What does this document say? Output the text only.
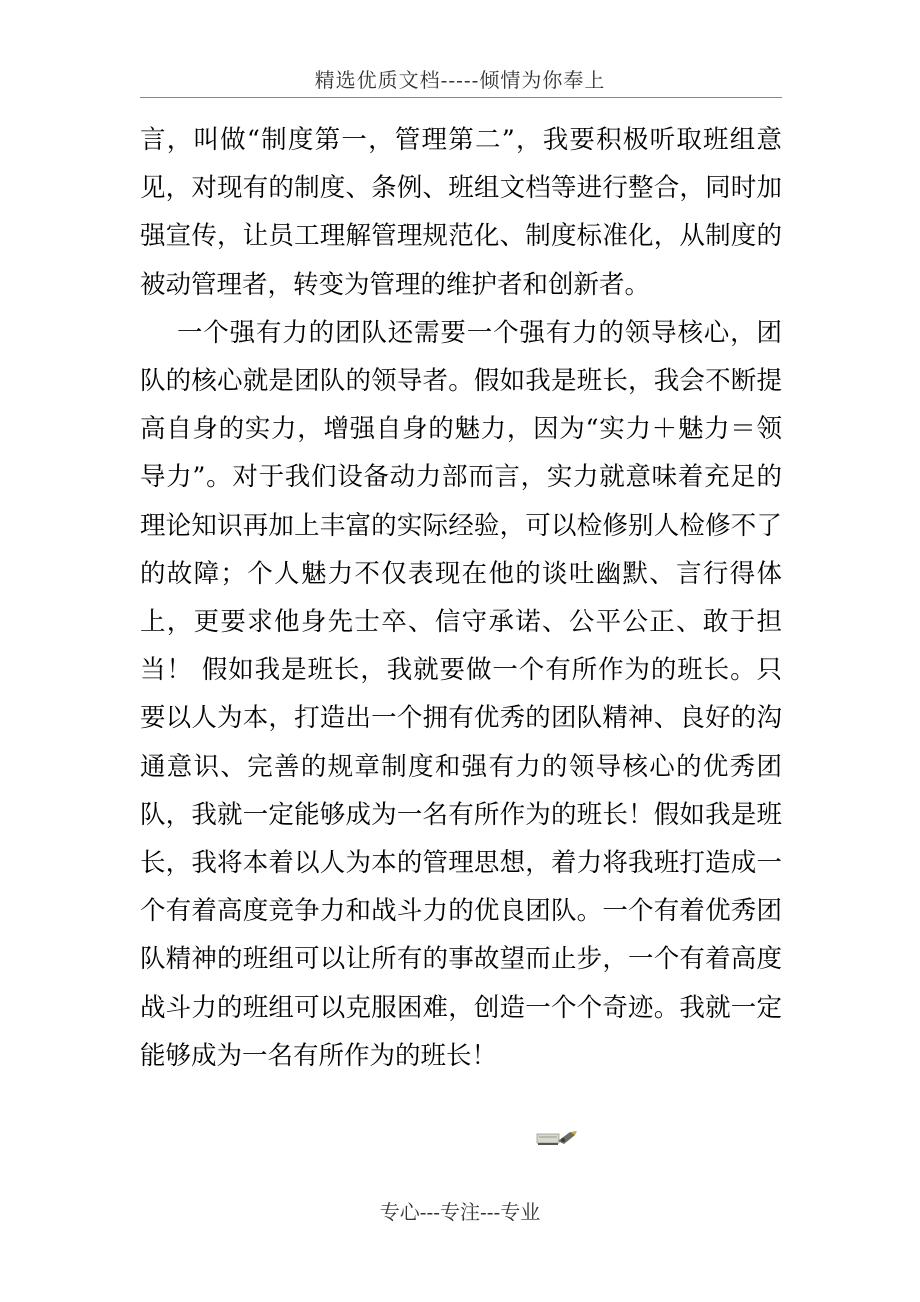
精选优质文档-----倾情为你奉上

言，叫做“制度第一，管理第二”，我要积极听取班组意见，对现有的制度、条例、班组文档等进行整合，同时加强宣传，让员工理解管理规范化、制度标准化，从制度的被动管理者，转变为管理的维护者和创新者。

一个强有力的团队还需要一个强有力的领导核心，团队的核心就是团队的领导者。假如我是班长，我会不断提高自身的实力，增强自身的魅力，因为“实力＋魅力＝领导力”。对于我们设备动力部而言，实力就意味着充足的理论知识再加上丰富的实际经验，可以检修别人检修不了的故障；个人魅力不仅表现在他的谈吐幽默、言行得体上，更要求他身先士卒、信守承诺、公平公正、敢于担当！ 假如我是班长，我就要做一个有所作为的班长。只要以人为本，打造出一个拥有优秀的团队精神、良好的沟通意识、完善的规章制度和强有力的领导核心的优秀团队，我就一定能够成为一名有所作为的班长！假如我是班长，我将本着以人为本的管理思想，着力将我班打造成一个有着高度竞争力和战斗力的优良团队。一个有着优秀团队精神的班组可以让所有的事故望而止步，一个有着高度战斗力的班组可以克服困难，创造一个个奇迹。我就一定能够成为一名有所作为的班长！

专心---专注---专业
